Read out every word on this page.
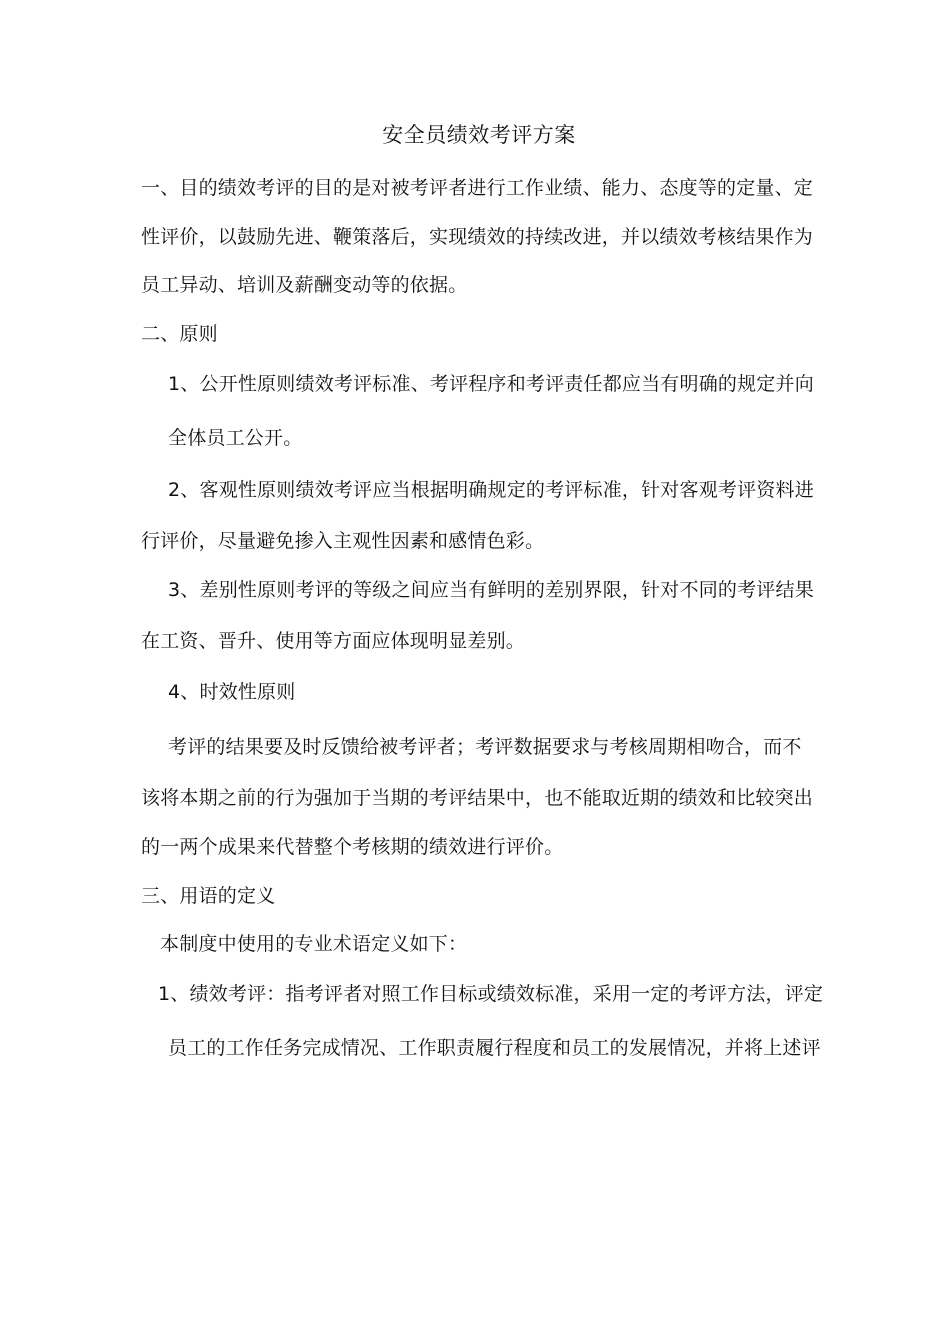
安全员绩效考评方案
一、目的绩效考评的目的是对被考评者进行工作业绩、能力、态度等的定量、定
性评价，以鼓励先进、鞭策落后，实现绩效的持续改进，并以绩效考核结果作为
员工异动、培训及薪酬变动等的依据。
二、原则
1、公开性原则绩效考评标准、考评程序和考评责任都应当有明确的规定并向
全体员工公开。
2、客观性原则绩效考评应当根据明确规定的考评标准，针对客观考评资料进
行评价，尽量避免掺入主观性因素和感情色彩。
3、差别性原则考评的等级之间应当有鲜明的差别界限，针对不同的考评结果
在工资、晋升、使用等方面应体现明显差别。
4、时效性原则
考评的结果要及时反馈给被考评者；考评数据要求与考核周期相吻合，而不
该将本期之前的行为强加于当期的考评结果中，也不能取近期的绩效和比较突出
的一两个成果来代替整个考核期的绩效进行评价。
三、用语的定义
本制度中使用的专业术语定义如下：
1、绩效考评：指考评者对照工作目标或绩效标准，采用一定的考评方法，评定
员工的工作任务完成情况、工作职责履行程度和员工的发展情况，并将上述评
